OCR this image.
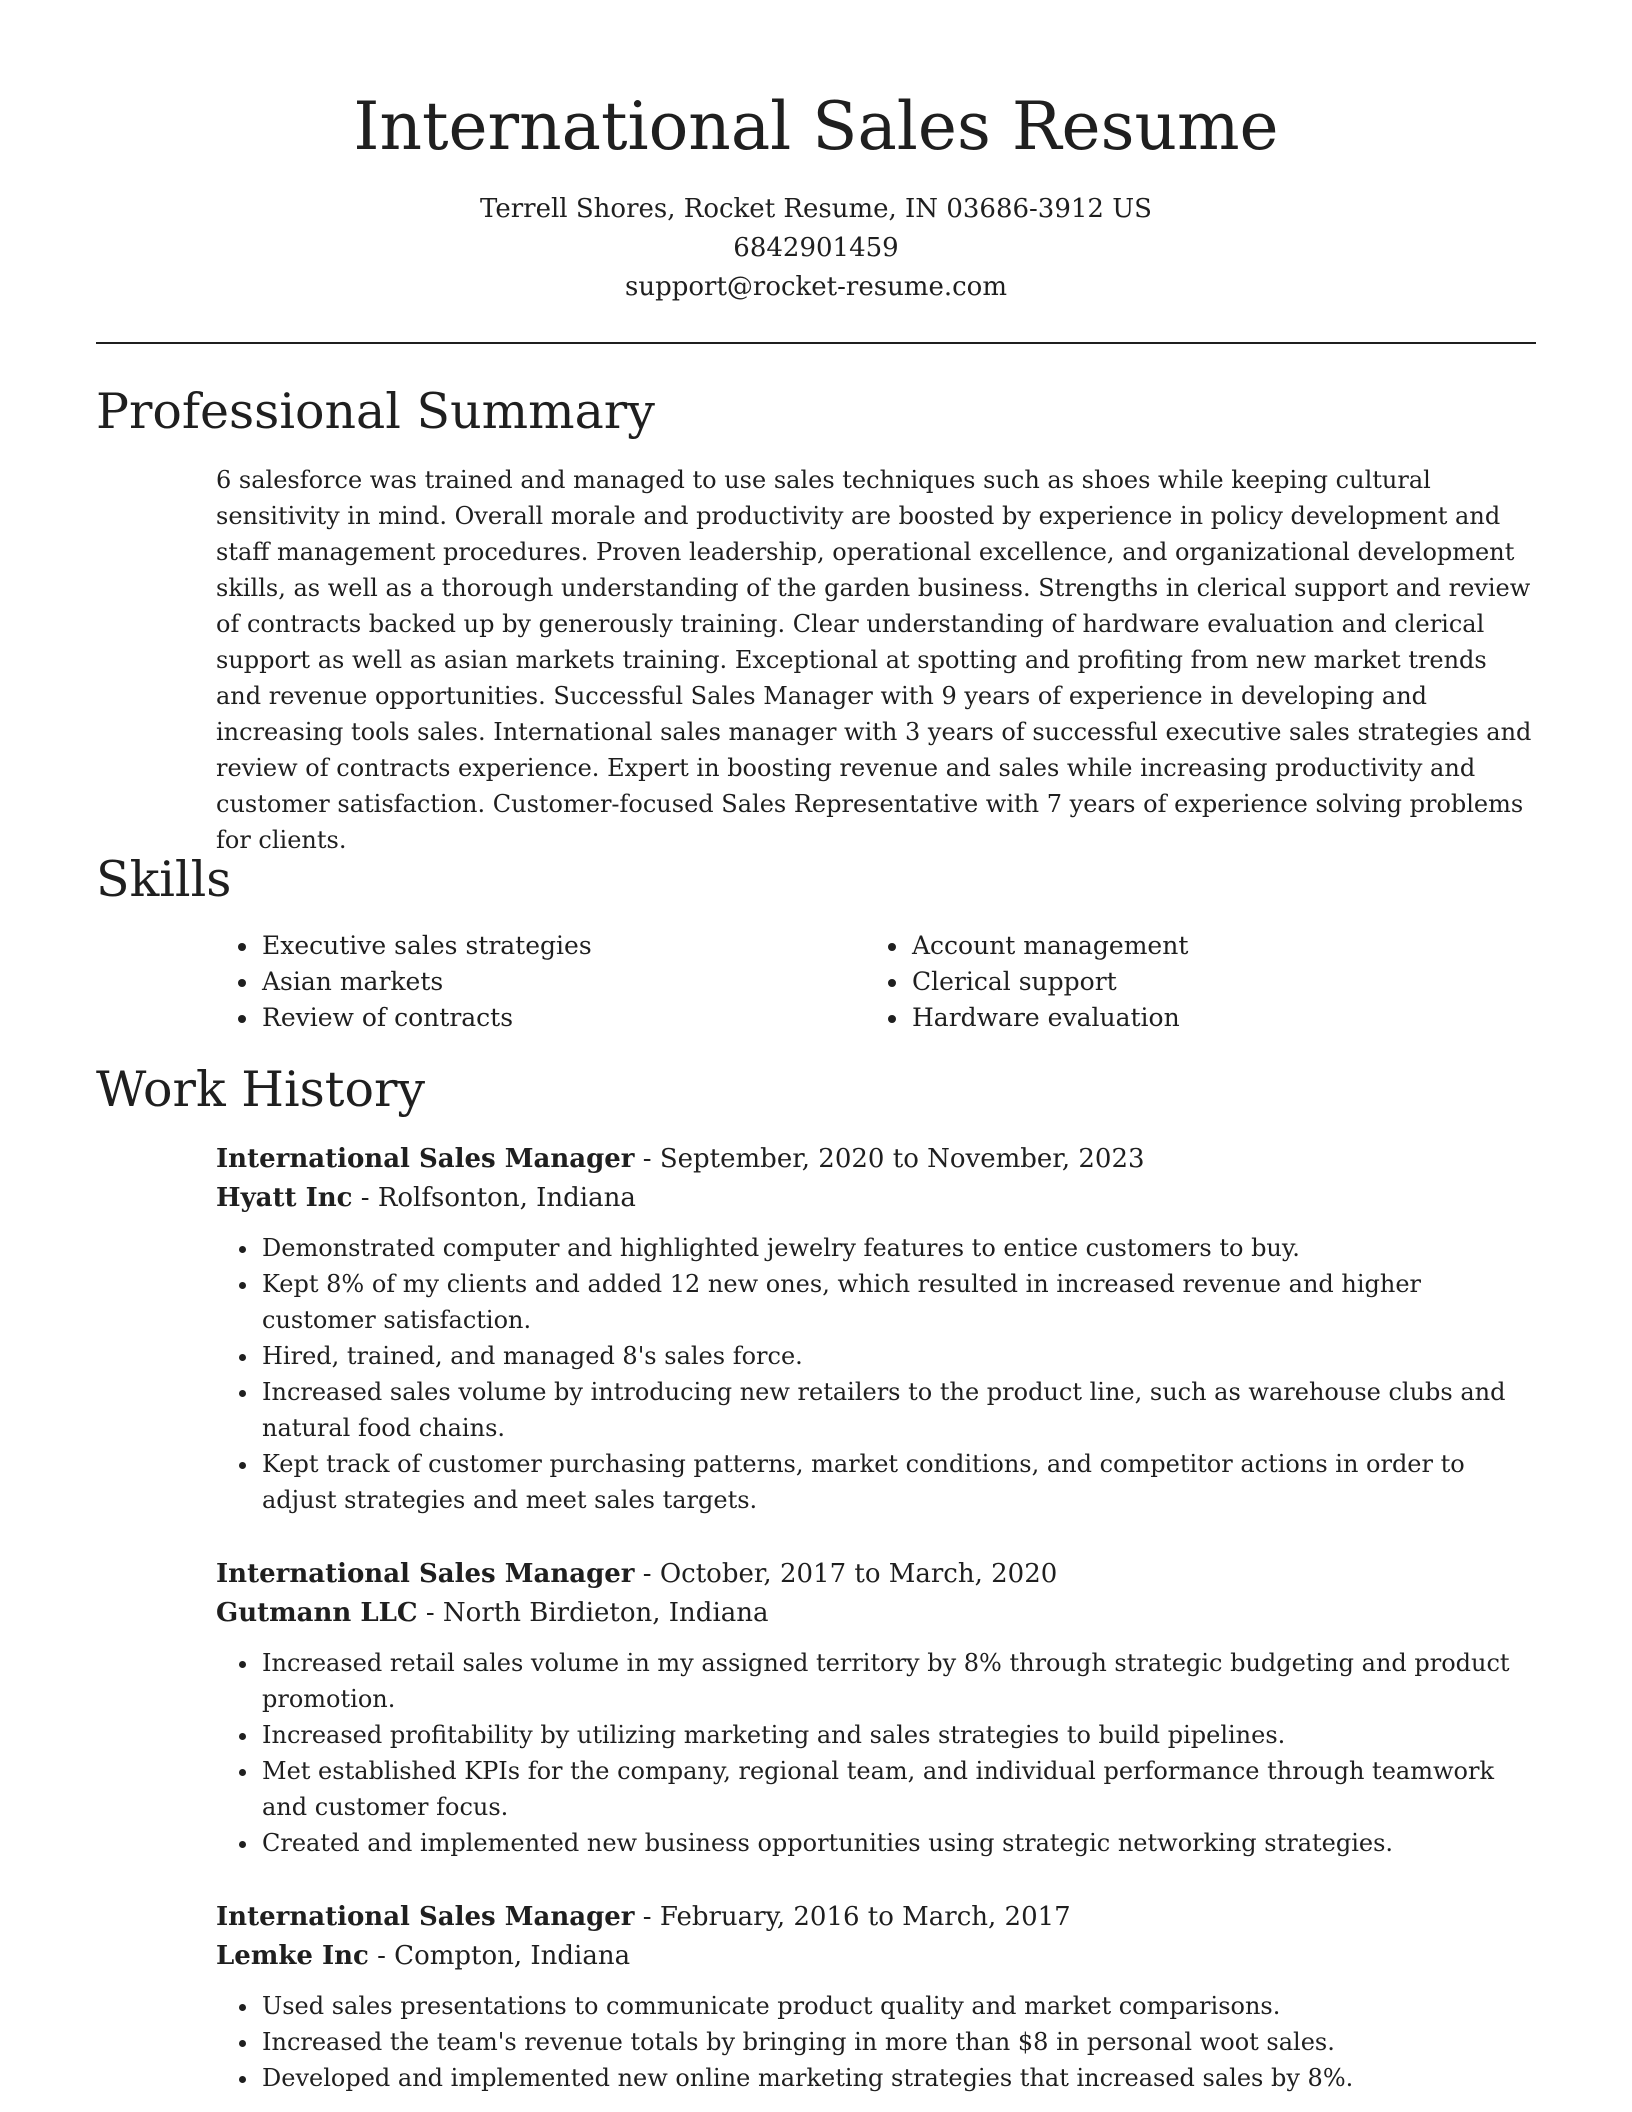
International Sales Resume
Terrell Shores, Rocket Resume, IN 03686-3912 US
6842901459
support@rocket-resume.com
Professional Summary

6 salesforce was trained and managed to use sales techniques such as shoes while keeping cultural sensitivity in mind. Overall morale and productivity are boosted by experience in policy development and staff management procedures. Proven leadership, operational excellence, and organizational development skills, as well as a thorough understanding of the garden business. Strengths in clerical support and review of contracts backed up by generously training. Clear understanding of hardware evaluation and clerical support as well as asian markets training. Exceptional at spotting and profiting from new market trends and revenue opportunities. Successful Sales Manager with 9 years of experience in developing and increasing tools sales. International sales manager with 3 years of successful executive sales strategies and review of contracts experience. Expert in boosting revenue and sales while increasing productivity and customer satisfaction. Customer-focused Sales Representative with 7 years of experience solving problems for clients.

Skills
• Executive sales strategies
• Asian markets
• Review of contracts
• Account management
• Clerical support
• Hardware evaluation
Work History
International Sales Manager - September, 2020 to November, 2023
Hyatt Inc - Rolfsonton, Indiana
• Demonstrated computer and highlighted jewelry features to entice customers to buy.
• Kept 8% of my clients and added 12 new ones, which resulted in increased revenue and higher customer satisfaction.
• Hired, trained, and managed 8's sales force.
• Increased sales volume by introducing new retailers to the product line, such as warehouse clubs and natural food chains.
• Kept track of customer purchasing patterns, market conditions, and competitor actions in order to adjust strategies and meet sales targets.
International Sales Manager - October, 2017 to March, 2020
Gutmann LLC - North Birdieton, Indiana
• Increased retail sales volume in my assigned territory by 8% through strategic budgeting and product promotion.
• Increased profitability by utilizing marketing and sales strategies to build pipelines.
• Met established KPIs for the company, regional team, and individual performance through teamwork and customer focus.
• Created and implemented new business opportunities using strategic networking strategies.
International Sales Manager - February, 2016 to March, 2017
Lemke Inc - Compton, Indiana
• Used sales presentations to communicate product quality and market comparisons.
• Increased the team's revenue totals by bringing in more than $8 in personal woot sales.
• Developed and implemented new online marketing strategies that increased sales by 8%.
